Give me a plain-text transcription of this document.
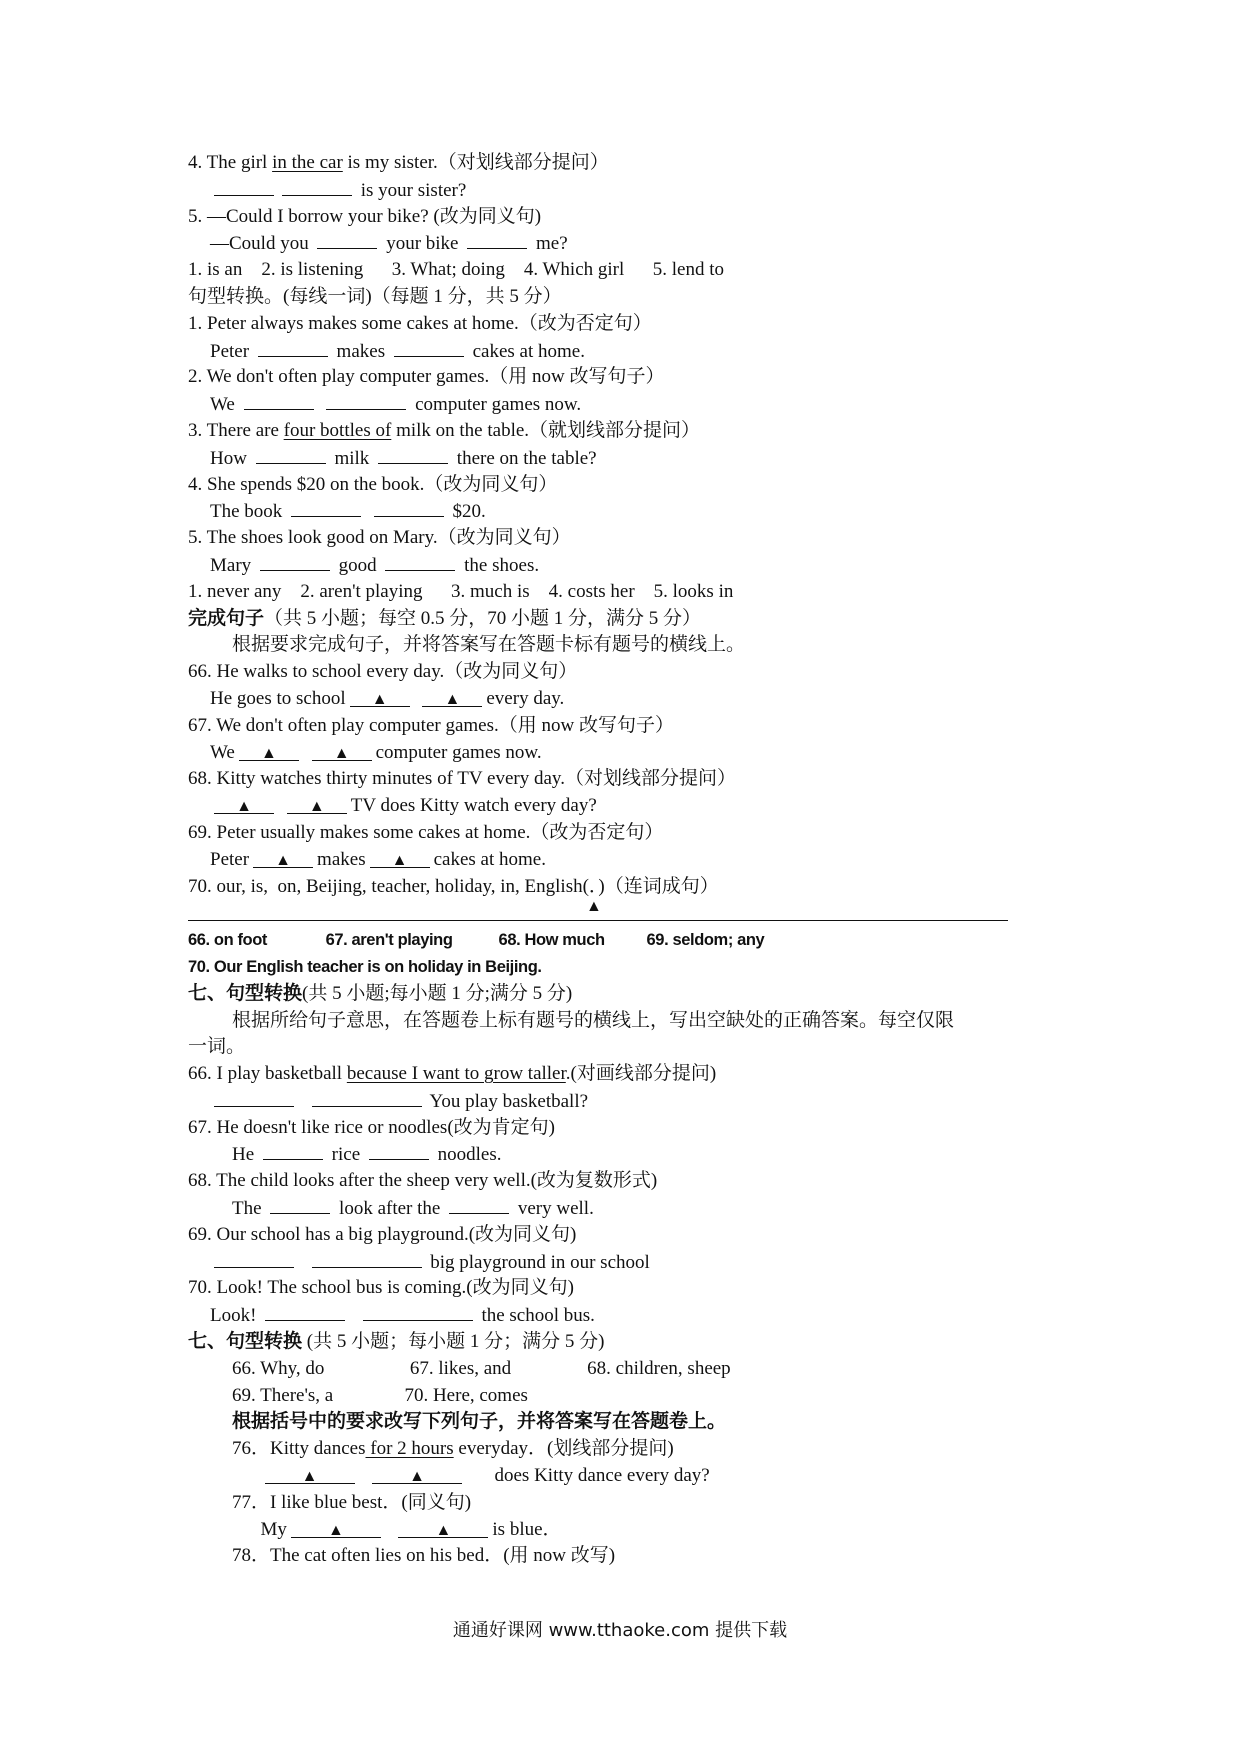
4. The girl in the car is my sister.（对划线部分提问）
is your sister?
5. —Could I borrow your bike? (改为同义句)
—Could you	your bike	me?
1. is an    2. is listening      3. What; doing    4. Which girl      5. lend to
句型转换。(每线一词)（每题 1 分，共 5 分）
1. Peter always makes some cakes at home.（改为否定句）
Peter	makes	cakes at home.
2. We don't often play computer games.（用 now 改写句子）
We	computer games now.
3. There are four bottles of milk on the table.（就划线部分提问）
How	milk	there on the table?
4. She spends $20 on the book.（改为同义句）
The book	$20.
5. The shoes look good on Mary.（改为同义句）
Mary	good	the shoes.
1. never any    2. aren't playing      3. much is    4. costs her    5. looks in
完成句子（共 5 小题；每空 0.5 分，70 小题 1 分，满分 5 分）
根据要求完成句子，并将答案写在答题卡标有题号的横线上。
66. He walks to school every day.（改为同义句）
He goes to school ▲	▲ every day.
67. We don't often play computer games.（用 now 改写句子）
We ▲	▲ computer games now.
68. Kitty watches thirty minutes of TV every day.（对划线部分提问）
▲	▲ TV does Kitty watch every day?
69. Peter usually makes some cakes at home.（改为否定句）
Peter ▲ makes ▲ cakes at home.
70. our, is,  on, Beijing, teacher, holiday, in, English(．)（连词成句）
▲
66. on foot              67. aren't playing           68. How much          69. seldom; any
70. Our English teacher is on holiday in Beijing.
七、句型转换(共 5 小题;每小题 1 分;满分 5 分)
根据所给句子意思，在答题卷上标有题号的横线上，写出空缺处的正确答案。每空仅限
一词。
66. I play basketball because I want to grow taller.(对画线部分提问)
You play basketball?
67. He doesn't like rice or noodles(改为肯定句)
He	rice	noodles.
68. The child looks after the sheep very well.(改为复数形式)
The	look after the	very well.
69. Our school has a big playground.(改为同义句)
big playground in our school
70. Look! The school bus is coming.(改为同义句)
Look!	the school bus.
七、句型转换 (共 5 小题；每小题 1 分；满分 5 分)
66. Why, do                  67. likes, and                68. children, sheep
69. There's, a               70. Here, comes
根据括号中的要求改写下列句子，并将答案写在答题卷上。
76．Kitty dances for 2 hours everyday．(划线部分提问)
▲	▲      does Kitty dance every day?
77．I like blue best．(同义句)
My	▲	▲ is blue．
78．The cat often lies on his bed．(用 now 改写)
通通好课网 www.tthaoke.com 提供下载
